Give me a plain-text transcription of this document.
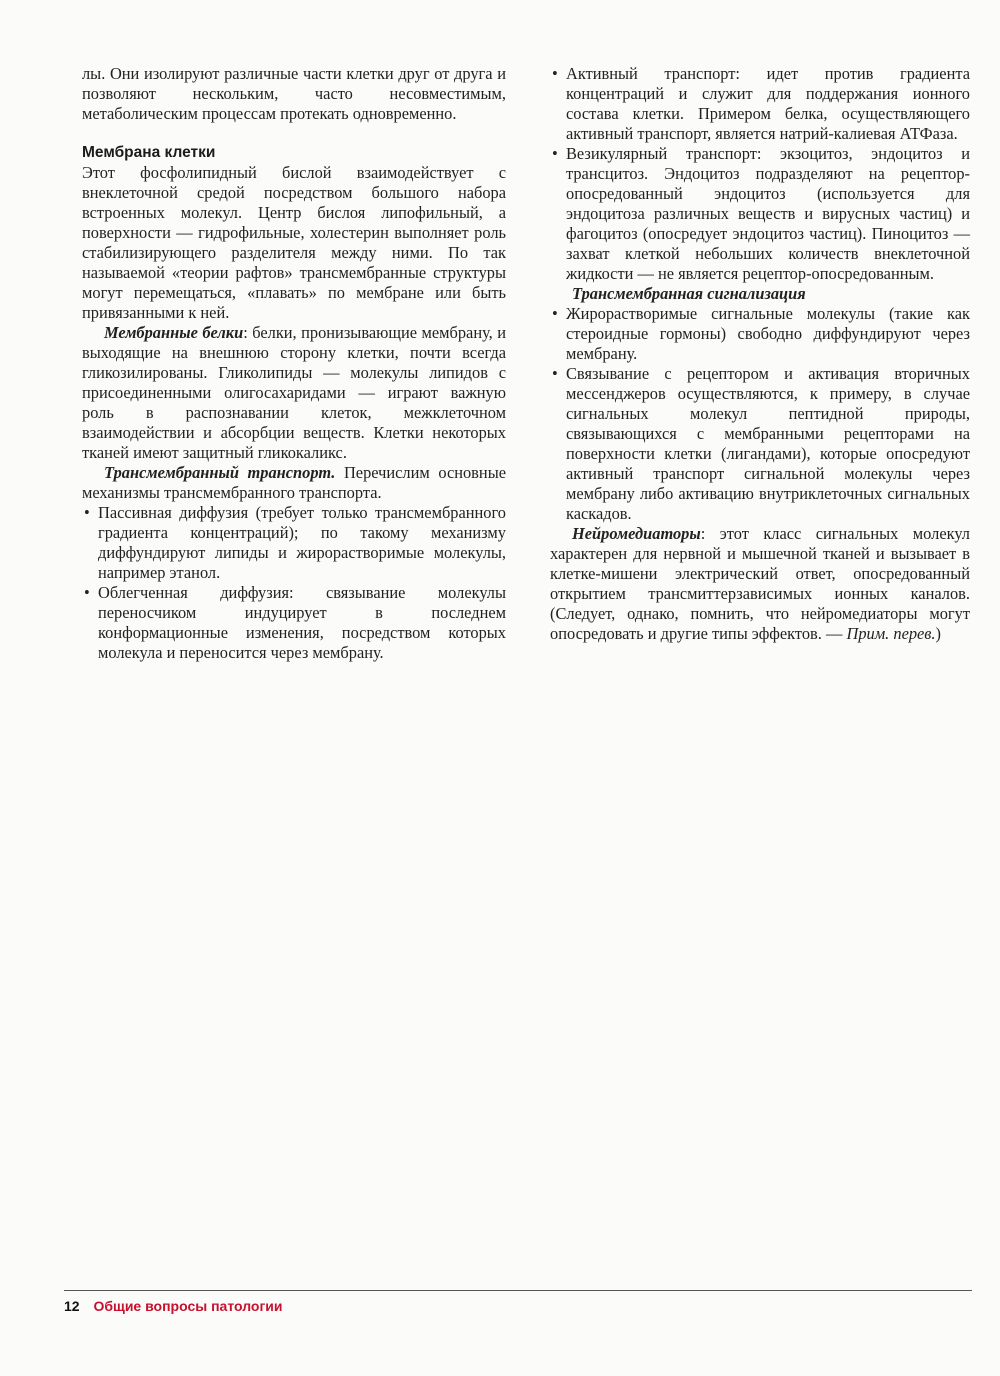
лы. Они изолируют различные части клетки друг от друга и позволяют нескольким, часто несовместимым, метаболическим процессам протекать одновременно.

Мембрана клетки

Этот фосфолипидный бислой взаимодействует с внеклеточной средой посредством большого набора встроенных молекул. Центр бислоя липофильный, а поверхности — гидрофильные, холестерин выполняет роль стабилизирующего разделителя между ними. По так называемой «теории рафтов» трансмембранные структуры могут перемещаться, «плавать» по мембране или быть привязанными к ней.

Мембранные белки: белки, пронизывающие мембрану, и выходящие на внешнюю сторону клетки, почти всегда гликозилированы. Гликолипиды — молекулы липидов с присоединенными олигосахаридами — играют важную роль в распознавании клеток, межклеточном взаимодействии и абсорбции веществ. Клетки некоторых тканей имеют защитный гликокаликс.

Трансмембранный транспорт. Перечислим основные механизмы трансмембранного транспорта.

• Пассивная диффузия (требует только трансмембранного градиента концентраций); по такому механизму диффундируют липиды и жирорастворимые молекулы, например этанол.
• Облегченная диффузия: связывание молекулы переносчиком индуцирует в последнем конформационные изменения, посредством которых молекула и переносится через мембрану.
• Активный транспорт: идет против градиента концентраций и служит для поддержания ионного состава клетки. Примером белка, осуществляющего активный транспорт, является натрий-калиевая АТФаза.
• Везикулярный транспорт: экзоцитоз, эндоцитоз и трансцитоз. Эндоцитоз подразделяют на рецептор-опосредованный эндоцитоз (используется для эндоцитоза различных веществ и вирусных частиц) и фагоцитоз (опосредует эндоцитоз частиц). Пиноцитоз — захват клеткой небольших количеств внеклеточной жидкости — не является рецептор-опосредованным.

Трансмембранная сигнализация

• Жирорастворимые сигнальные молекулы (такие как стероидные гормоны) свободно диффундируют через мембрану.
• Связывание с рецептором и активация вторичных мессенджеров осуществляются, к примеру, в случае сигнальных молекул пептидной природы, связывающихся с мембранными рецепторами на поверхности клетки (лигандами), которые опосредуют активный транспорт сигнальной молекулы через мембрану либо активацию внутриклеточных сигнальных каскадов.

Нейромедиаторы: этот класс сигнальных молекул характерен для нервной и мышечной тканей и вызывает в клетке-мишени электрический ответ, опосредованный открытием трансмиттерзависимых ионных каналов. (Следует, однако, помнить, что нейромедиаторы могут опосредовать и другие типы эффектов. — Прим. перев.)

12 Общие вопросы патологии
